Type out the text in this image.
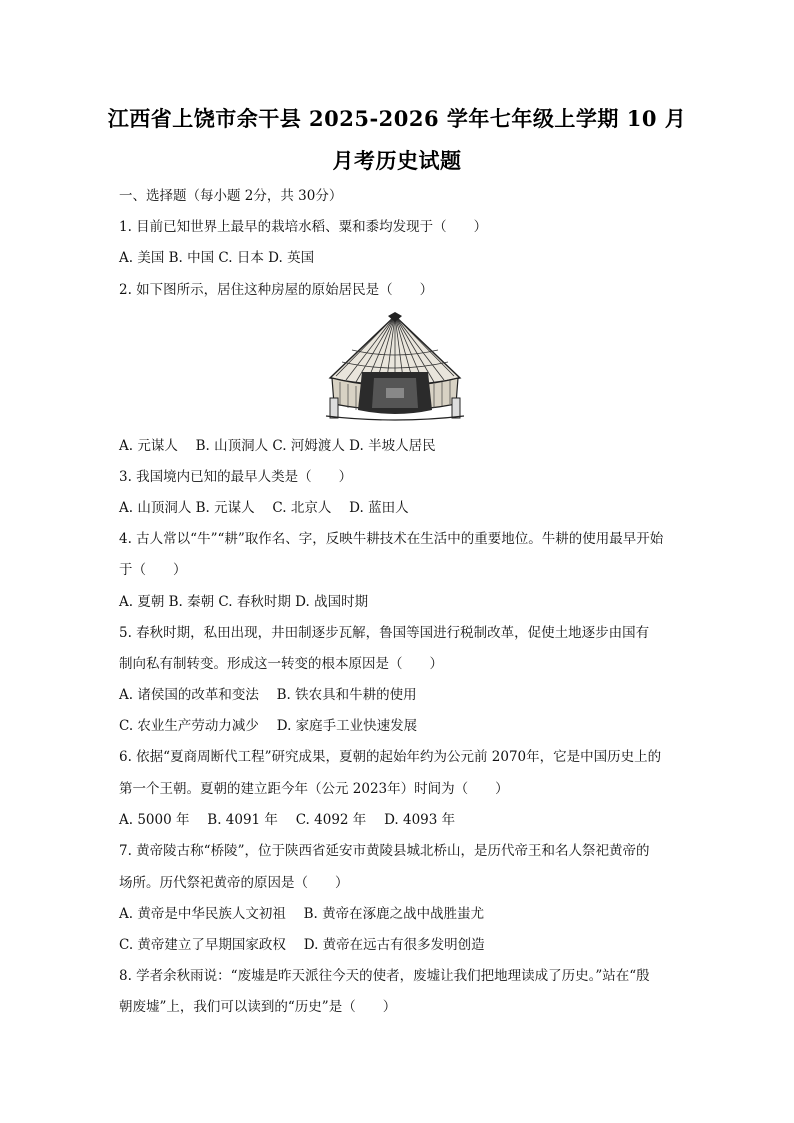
江西省上饶市余干县 2025-2026 学年七年级上学期 10 月
月考历史试题
一、选择题（每小题 2分，共 30分）
1. 目前已知世界上最早的栽培水稻、粟和黍均发现于（　　）
A. 美国 B. 中国 C. 日本 D. 英国
2. 如下图所示，居住这种房屋的原始居民是（　　）
A. 元谋人　 B. 山顶洞人 C. 河姆渡人 D. 半坡人居民
3. 我国境内已知的最早人类是（　　）
A. 山顶洞人 B. 元谋人　 C. 北京人　 D. 蓝田人
4. 古人常以“牛”“耕”取作名、字，反映牛耕技术在生活中的重要地位。牛耕的使用最早开始
于（　　）
A. 夏朝 B. 秦朝 C. 春秋时期 D. 战国时期
5. 春秋时期，私田出现，井田制逐步瓦解，鲁国等国进行税制改革，促使土地逐步由国有
制向私有制转变。形成这一转变的根本原因是（　　）
A. 诸侯国的改革和变法　 B. 铁农具和牛耕的使用
C. 农业生产劳动力减少　 D. 家庭手工业快速发展
6. 依据“夏商周断代工程”研究成果，夏朝的起始年约为公元前 2070年，它是中国历史上的
第一个王朝。夏朝的建立距今年（公元 2023年）时间为（　　）
A. 5000 年　 B. 4091 年　 C. 4092 年　 D. 4093 年
7. 黄帝陵古称“桥陵”，位于陕西省延安市黄陵县城北桥山，是历代帝王和名人祭祀黄帝的
场所。历代祭祀黄帝的原因是（　　）
A. 黄帝是中华民族人文初祖　 B. 黄帝在涿鹿之战中战胜蚩尤
C. 黄帝建立了早期国家政权　 D. 黄帝在远古有很多发明创造
8. 学者余秋雨说：“废墟是昨天派往今天的使者，废墟让我们把地理读成了历史。”站在“殷
朝废墟”上，我们可以读到的“历史”是（　　）
